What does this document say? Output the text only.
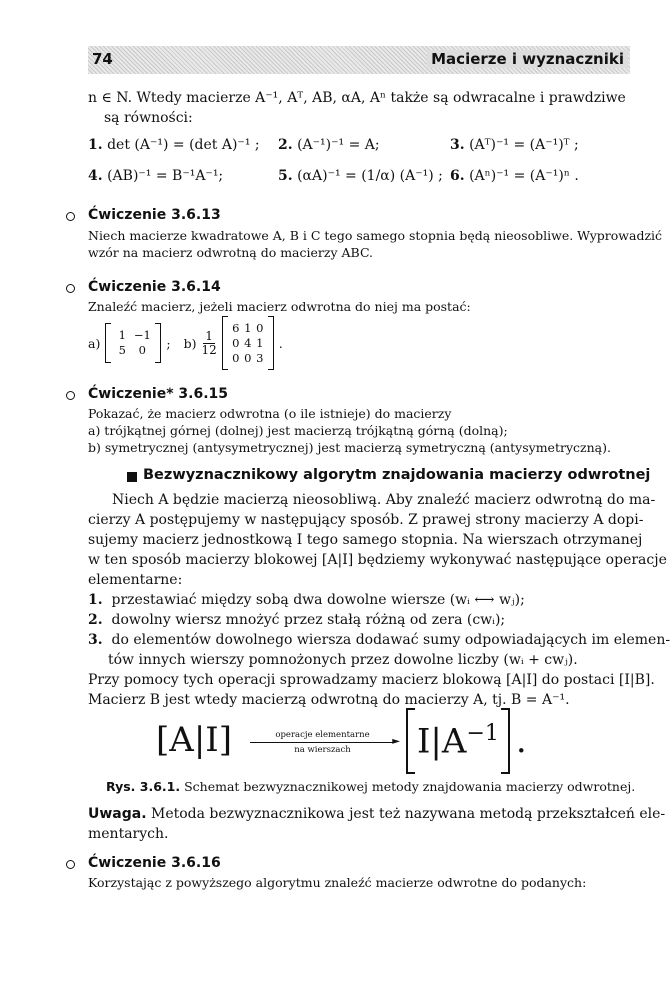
74	Macierze i wyznaczniki
n ∈ N. Wtedy macierze A⁻¹, Aᵀ, AB, αA, Aⁿ także są odwracalne i prawdziwe
są równości:
1. det (A⁻¹) = (det A)⁻¹ ; 2. (A⁻¹)⁻¹ = A;	3. (Aᵀ)⁻¹ = (A⁻¹)ᵀ ;
4. (AB)⁻¹ = B⁻¹A⁻¹;	5. (αA)⁻¹ = (1/α) (A⁻¹) ; 6. (Aⁿ)⁻¹ = (A⁻¹)ⁿ .
Ćwiczenie 3.6.13
Niech macierze kwadratowe A, B i C tego samego stopnia będą nieosobliwe. Wyprowadzić
wzór na macierz odwrotną do macierzy ABC.
Ćwiczenie 3.6.14
Znaleźć macierz, jeżeli macierz odwrotna do niej ma postać:
a)
1 −1
5	0	; b) 1
12
6 1 0
0 4 1
0 0 3
.
Ćwiczenie* 3.6.15
Pokazać, że macierz odwrotna (o ile istnieje) do macierzy
a) trójkątnej górnej (dolnej) jest macierzą trójkątną górną (dolną);
b) symetrycznej (antysymetrycznej) jest macierzą symetryczną (antysymetryczną).
Bezwyznacznikowy algorytm znajdowania macierzy odwrotnej
Niech A będzie macierzą nieosobliwą. Aby znaleźć macierz odwrotną do ma-
cierzy A postępujemy w następujący sposób. Z prawej strony macierzy A dopi-
sujemy macierz jednostkową I tego samego stopnia. Na wierszach otrzymanej
w ten sposób macierzy blokowej [A|I] będziemy wykonywać następujące operacje
elementarne:
1. przestawiać między sobą dwa dowolne wiersze (wᵢ ⟷ wⱼ);
2. dowolny wiersz mnożyć przez stałą różną od zera (cwᵢ);
3. do elementów dowolnego wiersza dodawać sumy odpowiadających im elemen-
tów innych wierszy pomnożonych przez dowolne liczby (wᵢ + cwⱼ).
Przy pomocy tych operacji sprowadzamy macierz blokową [A|I] do postaci [I|B].
Macierz B jest wtedy macierzą odwrotną do macierzy A, tj. B = A⁻¹.
[A|I]	operacje elementarne
►
na wierszach	$I|A^{-1}$ .
Rys. 3.6.1. Schemat bezwyznacznikowej metody znajdowania macierzy odwrotnej.
Uwaga. Metoda bezwyznacznikowa jest też nazywana metodą przekształceń ele-
mentarych.
Ćwiczenie 3.6.16
Korzystając z powyższego algorytmu znaleźć macierze odwrotne do podanych:
